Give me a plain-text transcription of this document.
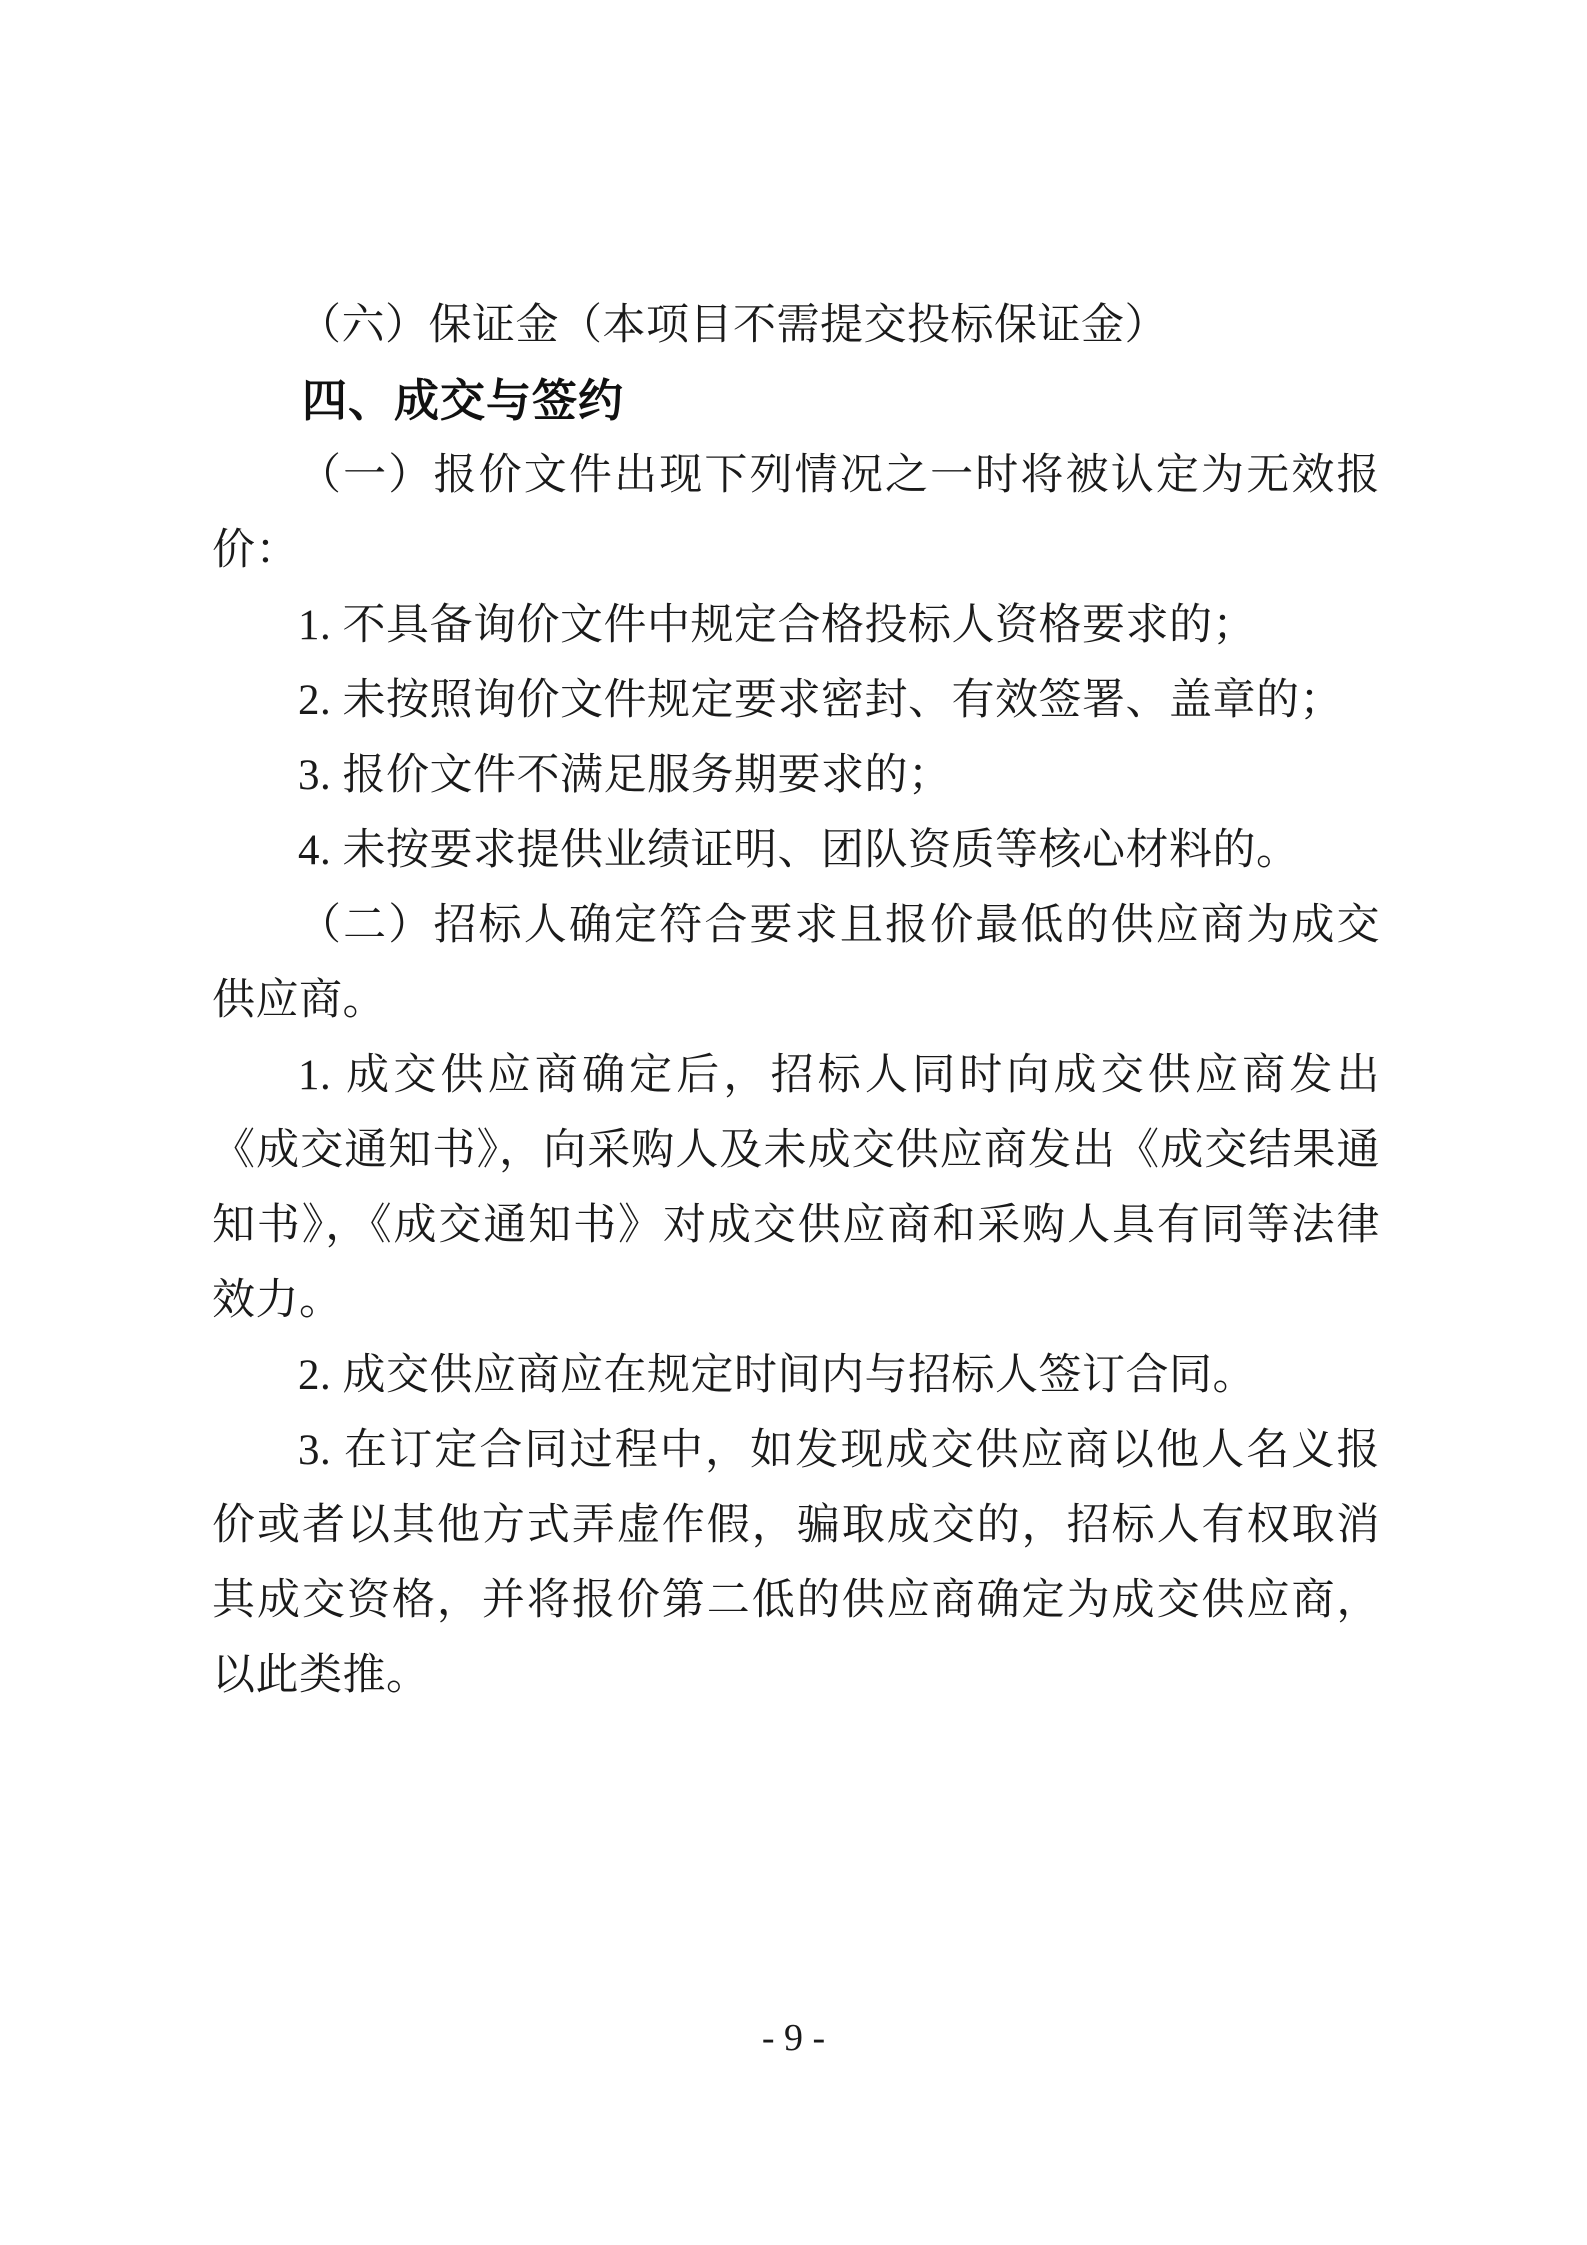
（六）保证金（本项目不需提交投标保证金）

四、成交与签约

（一）报价文件出现下列情况之一时将被认定为无效报价：

1. 不具备询价文件中规定合格投标人资格要求的；

2. 未按照询价文件规定要求密封、有效签署、盖章的；

3. 报价文件不满足服务期要求的；

4. 未按要求提供业绩证明、团队资质等核心材料的。

（二）招标人确定符合要求且报价最低的供应商为成交供应商。

1. 成交供应商确定后，招标人同时向成交供应商发出《成交通知书》，向采购人及未成交供应商发出《成交结果通知书》，《成交通知书》对成交供应商和采购人具有同等法律效力。

2. 成交供应商应在规定时间内与招标人签订合同。

3. 在订定合同过程中，如发现成交供应商以他人名义报价或者以其他方式弄虚作假，骗取成交的，招标人有权取消其成交资格，并将报价第二低的供应商确定为成交供应商，以此类推。

- 9 -
